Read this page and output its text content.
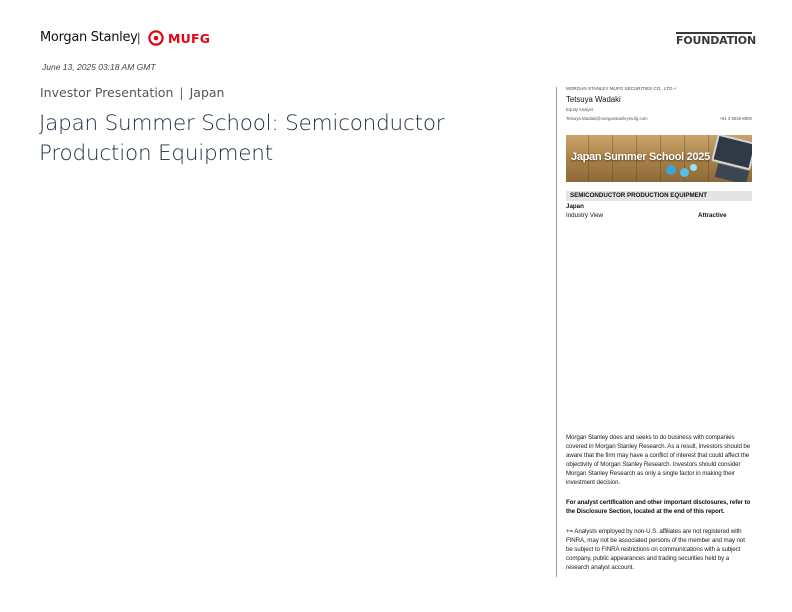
Morgan Stanley | MUFG	FOUNDATION
June 13, 2025 03:18 AM GMT
Investor Presentation | Japan
Japan Summer School: Semiconductor Production Equipment
MORGAN STANLEY MUFG SECURITIES CO., LTD.+
Tetsuya Wadaki
Equity Analyst
Tetsuya.Wadaki@morganstanleymufg.com	+81 3 6836-8890
Japan Summer School 2025
SEMICONDUCTOR PRODUCTION EQUIPMENT
Japan
Industry View	Attractive
Morgan Stanley does and seeks to do business with companies covered in Morgan Stanley Research. As a result, investors should be aware that the firm may have a conflict of interest that could affect the objectivity of Morgan Stanley Research. Investors should consider Morgan Stanley Research as only a single factor in making their investment decision.
For analyst certification and other important disclosures, refer to the Disclosure Section, located at the end of this report.
+= Analysts employed by non-U.S. affiliates are not registered with FINRA, may not be associated persons of the member and may not be subject to FINRA restrictions on communications with a subject company, public appearances and trading securities held by a research analyst account.
